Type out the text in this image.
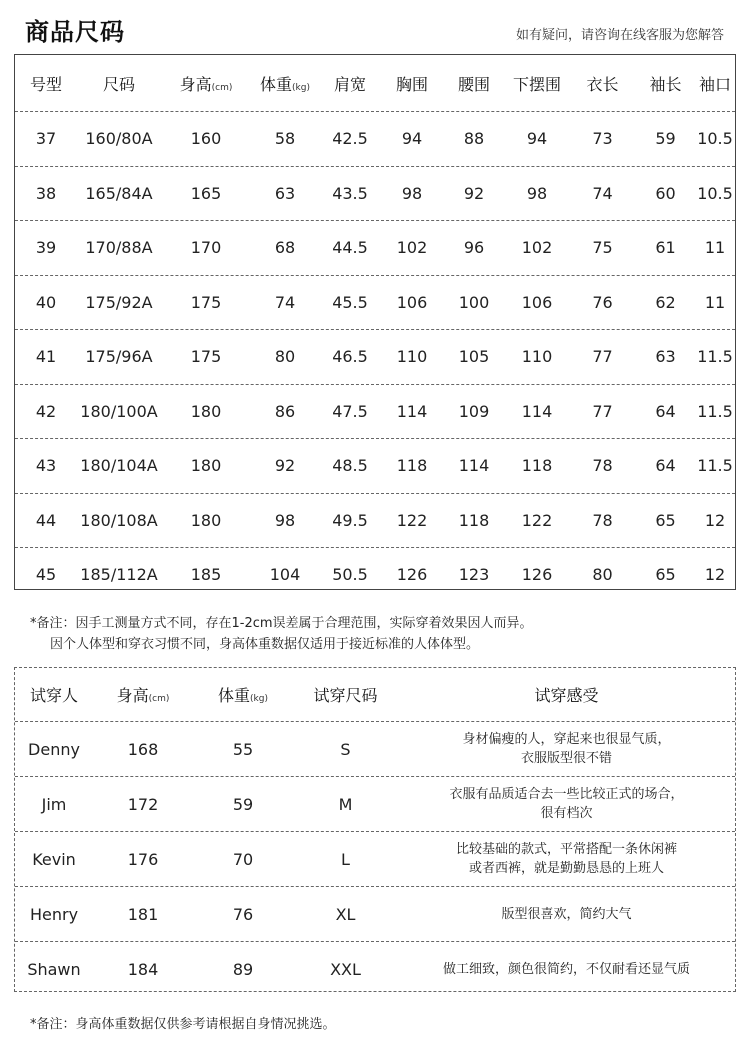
商品尺码	如有疑问，请咨询在线客服为您解答
号型	尺码	身高(cm)	体重(kg)	肩宽	胸围	腰围	下摆围	衣长	袖长	袖口
37	160/80A	160	58	42.5	94	88	94	73	59	10.5
38	165/84A	165	63	43.5	98	92	98	74	60	10.5
39	170/88A	170	68	44.5	102	96	102	75	61	11
40	175/92A	175	74	45.5	106	100	106	76	62	11
41	175/96A	175	80	46.5	110	105	110	77	63	11.5
42	180/100A	180	86	47.5	114	109	114	77	64	11.5
43	180/104A	180	92	48.5	118	114	118	78	64	11.5
44	180/108A	180	98	49.5	122	118	122	78	65	12
45	185/112A	185	104	50.5	126	123	126	80	65	12
*备注：因手工测量方式不同，存在1-2cm误差属于合理范围，实际穿着效果因人而异。
因个人体型和穿衣习惯不同，身高体重数据仅适用于接近标准的人体体型。
试穿人	身高(cm)	体重(kg)	试穿尺码	试穿感受
Denny	168	55	S	身材偏瘦的人，穿起来也很显气质，
衣服版型很不错
Jim	172	59	M	衣服有品质适合去一些比较正式的场合，
很有档次
Kevin	176	70	L	比较基础的款式，平常搭配一条休闲裤
或者西裤，就是勤勤恳恳的上班人
Henry	181	76	XL	版型很喜欢，简约大气
Shawn	184	89	XXL	做工细致，颜色很简约，不仅耐看还显气质
*备注：身高体重数据仅供参考请根据自身情况挑选。
